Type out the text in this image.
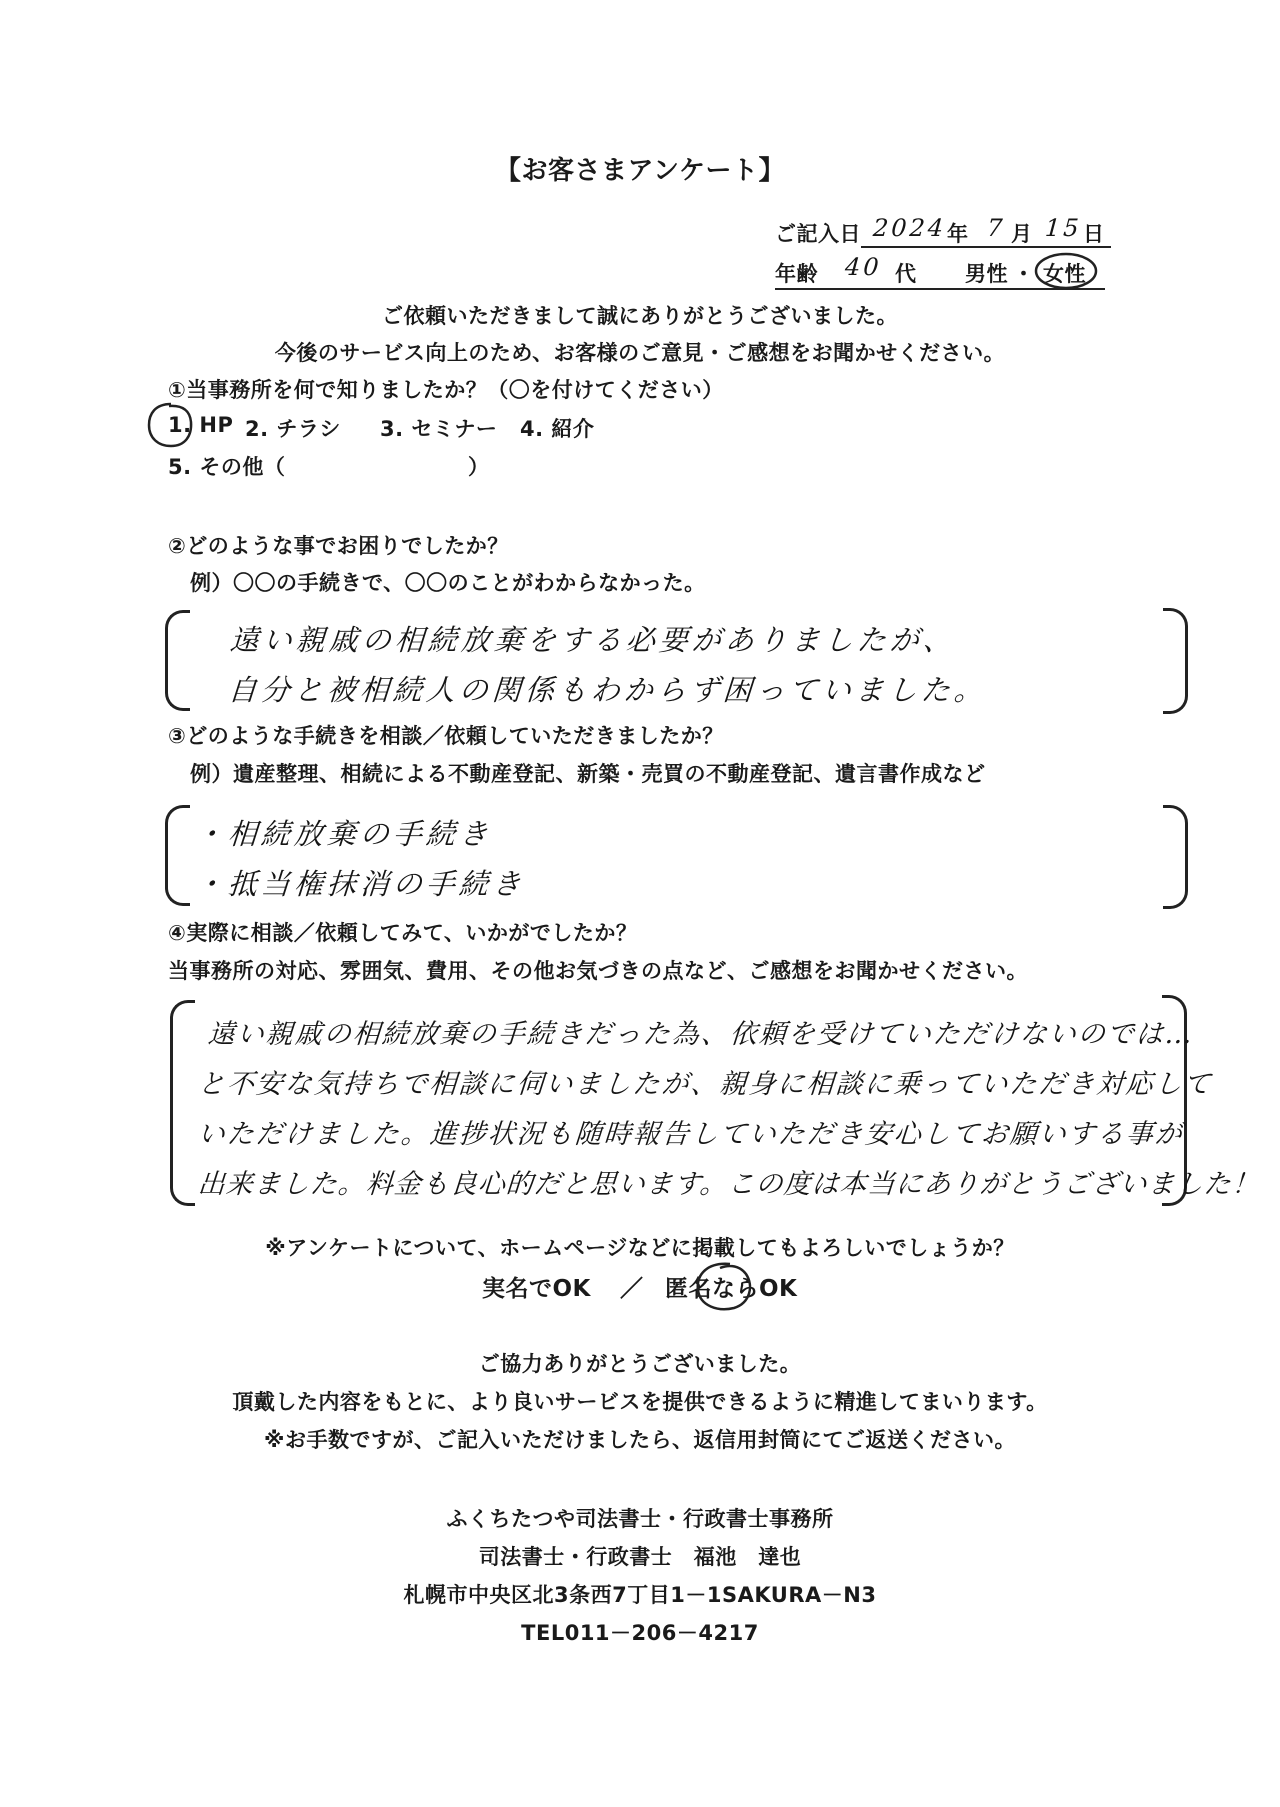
【お客さまアンケート】
ご記入日 2024 年 7 月 15 日
年齢 40 代 男性 ・ 女性
ご依頼いただきまして誠にありがとうございました。
今後のサービス向上のため、お客様のご意見・ご感想をお聞かせください。
①当事務所を何で知りましたか？（〇を付けてください）
1. HP 2. チラシ 3. セミナー 4. 紹介
5. その他（	）
②どのような事でお困りでしたか？
例）〇〇の手続きで、〇〇のことがわからなかった。
遠い親戚の相続放棄をする必要がありましたが、
自分と被相続人の関係もわからず困っていました。
③どのような手続きを相談／依頼していただきましたか？
例）遺産整理、相続による不動産登記、新築・売買の不動産登記、遺言書作成など
・相続放棄の手続き
・抵当権抹消の手続き
④実際に相談／依頼してみて、いかがでしたか？
当事務所の対応、雰囲気、費用、その他お気づきの点など、ご感想をお聞かせください。
遠い親戚の相続放棄の手続きだった為、依頼を受けていただけないのでは…
と不安な気持ちで相談に伺いましたが、親身に相談に乗っていただき対応して
いただけました。進捗状況も随時報告していただき安心してお願いする事が
出来ました。料金も良心的だと思います。この度は本当にありがとうございました！
※アンケートについて、ホームページなどに掲載してもよろしいでしょうか？
実名でOK ／ 匿名ならOK
ご協力ありがとうございました。
頂戴した内容をもとに、より良いサービスを提供できるように精進してまいります。
※お手数ですが、ご記入いただけましたら、返信用封筒にてご返送ください。
ふくちたつや司法書士・行政書士事務所
司法書士・行政書士　福池　達也
札幌市中央区北3条西7丁目1－1SAKURA－N3
TEL011－206－4217
